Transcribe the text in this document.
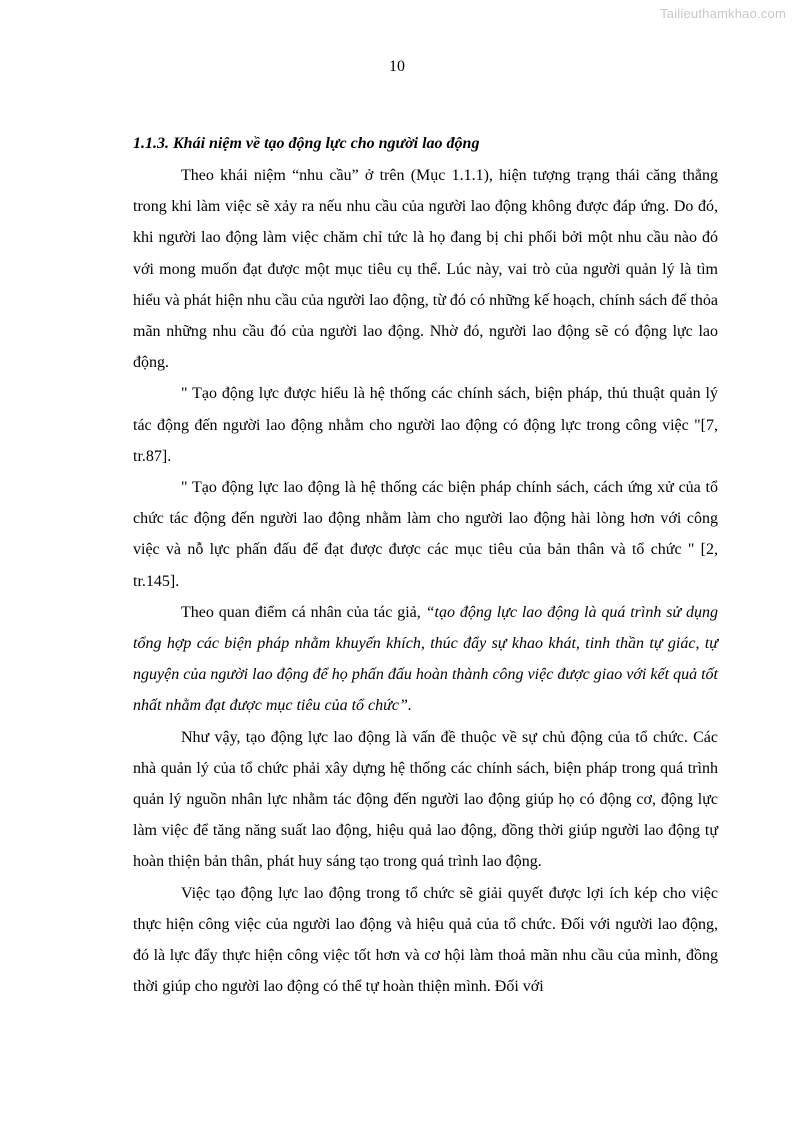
Tailieuthamkhao.com
10

1.1.3. Khái niệm về tạo động lực cho người lao động

Theo khái niệm “nhu cầu” ở trên (Mục 1.1.1), hiện tượng trạng thái căng thẳng trong khi làm việc sẽ xảy ra nếu nhu cầu của người lao động không được đáp ứng. Do đó, khi người lao động làm việc chăm chỉ tức là họ đang bị chi phối bởi một nhu cầu nào đó với mong muốn đạt được một mục tiêu cụ thể. Lúc này, vai trò của người quản lý là tìm hiểu và phát hiện nhu cầu của người lao động, từ đó có những kế hoạch, chính sách để thỏa mãn những nhu cầu đó của người lao động. Nhờ đó, người lao động sẽ có động lực lao động.

" Tạo động lực được hiểu là hệ thống các chính sách, biện pháp, thủ thuật quản lý tác động đến người lao động nhằm cho người lao động có động lực trong công việc "[7, tr.87].

" Tạo động lực lao động là hệ thống các biện pháp chính sách, cách ứng xử của tổ chức tác động đến người lao động nhằm làm cho người lao động hài lòng hơn với công việc và nỗ lực phấn đấu để đạt được được các mục tiêu của bản thân và tổ chức " [2, tr.145].

Theo quan điểm cá nhân của tác giả, “tạo động lực lao động là quá trình sử dụng tổng hợp các biện pháp nhằm khuyến khích, thúc đẩy sự khao khát, tinh thần tự giác, tự nguyện của người lao động để họ phấn đấu hoàn thành công việc được giao với kết quả tốt nhất nhằm đạt được mục tiêu của tổ chức”.

Như vậy, tạo động lực lao động là vấn đề thuộc về sự chủ động của tổ chức. Các nhà quản lý của tổ chức phải xây dựng hệ thống các chính sách, biện pháp trong quá trình quản lý nguồn nhân lực nhằm tác động đến người lao động giúp họ có động cơ, động lực làm việc để tăng năng suất lao động, hiệu quả lao động, đồng thời giúp người lao động tự hoàn thiện bản thân, phát huy sáng tạo trong quá trình lao động.

Việc tạo động lực lao động trong tổ chức sẽ giải quyết được lợi ích kép cho việc thực hiện công việc của người lao động và hiệu quả của tổ chức. Đối với người lao động, đó là lực đẩy thực hiện công việc tốt hơn và cơ hội làm thoả mãn nhu cầu của mình, đồng thời giúp cho người lao động có thể tự hoàn thiện mình. Đối với
